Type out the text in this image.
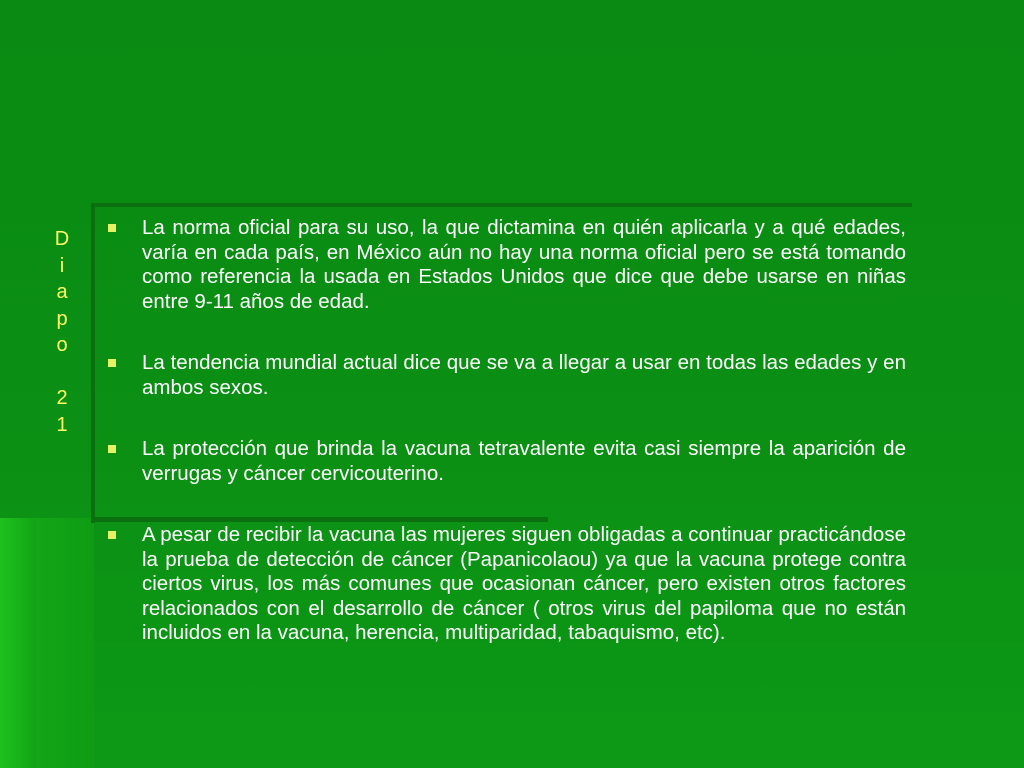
D
i
a
p
o
2
1
La norma oficial para su uso, la que dictamina en quién aplicarla y a qué edades, varía en cada país, en México aún no hay una norma oficial pero se está tomando como referencia la usada en Estados Unidos que dice que debe usarse en niñas entre 9-11 años de edad.
La tendencia mundial actual dice que se va a llegar a usar en todas las edades y en ambos sexos.
La protección que brinda la vacuna tetravalente evita casi siempre la aparición de verrugas y cáncer cervicouterino.
A pesar de recibir la vacuna las mujeres siguen obligadas a continuar practicándose la prueba de detección de cáncer (Papanicolaou) ya que la vacuna protege contra ciertos virus, los más comunes que ocasionan cáncer, pero existen otros factores relacionados con el desarrollo de cáncer ( otros virus del papiloma que no están incluidos en la vacuna, herencia, multiparidad, tabaquismo, etc).
